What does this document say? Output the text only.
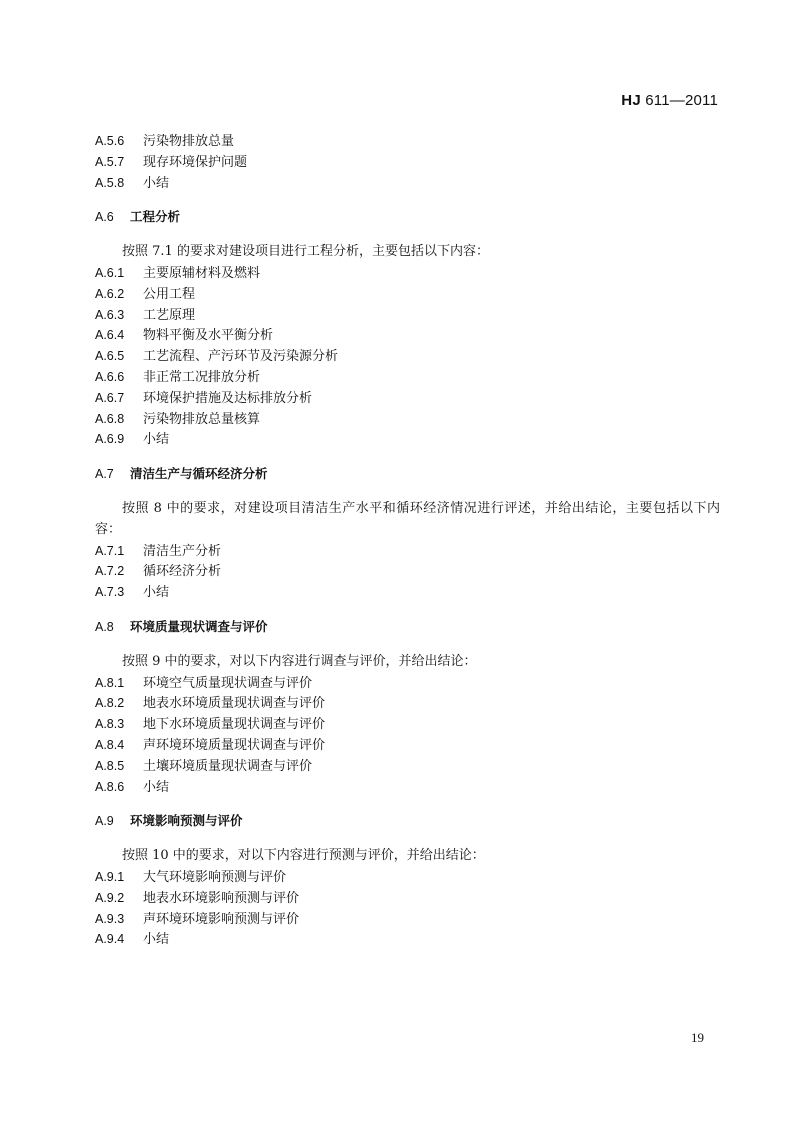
HJ 611—2011
A.5.6 污染物排放总量
A.5.7 现存环境保护问题
A.5.8 小结
A.6 工程分析
按照 7.1 的要求对建设项目进行工程分析，主要包括以下内容：
A.6.1 主要原辅材料及燃料
A.6.2 公用工程
A.6.3 工艺原理
A.6.4 物料平衡及水平衡分析
A.6.5 工艺流程、产污环节及污染源分析
A.6.6 非正常工况排放分析
A.6.7 环境保护措施及达标排放分析
A.6.8 污染物排放总量核算
A.6.9 小结
A.7 清洁生产与循环经济分析
按照 8 中的要求，对建设项目清洁生产水平和循环经济情况进行评述，并给出结论，主要包括以下内容：
A.7.1 清洁生产分析
A.7.2 循环经济分析
A.7.3 小结
A.8 环境质量现状调查与评价
按照 9 中的要求，对以下内容进行调查与评价，并给出结论：
A.8.1 环境空气质量现状调查与评价
A.8.2 地表水环境质量现状调查与评价
A.8.3 地下水环境质量现状调查与评价
A.8.4 声环境环境质量现状调查与评价
A.8.5 土壤环境质量现状调查与评价
A.8.6 小结
A.9 环境影响预测与评价
按照 10 中的要求，对以下内容进行预测与评价，并给出结论：
A.9.1 大气环境影响预测与评价
A.9.2 地表水环境影响预测与评价
A.9.3 声环境环境影响预测与评价
A.9.4 小结
19
